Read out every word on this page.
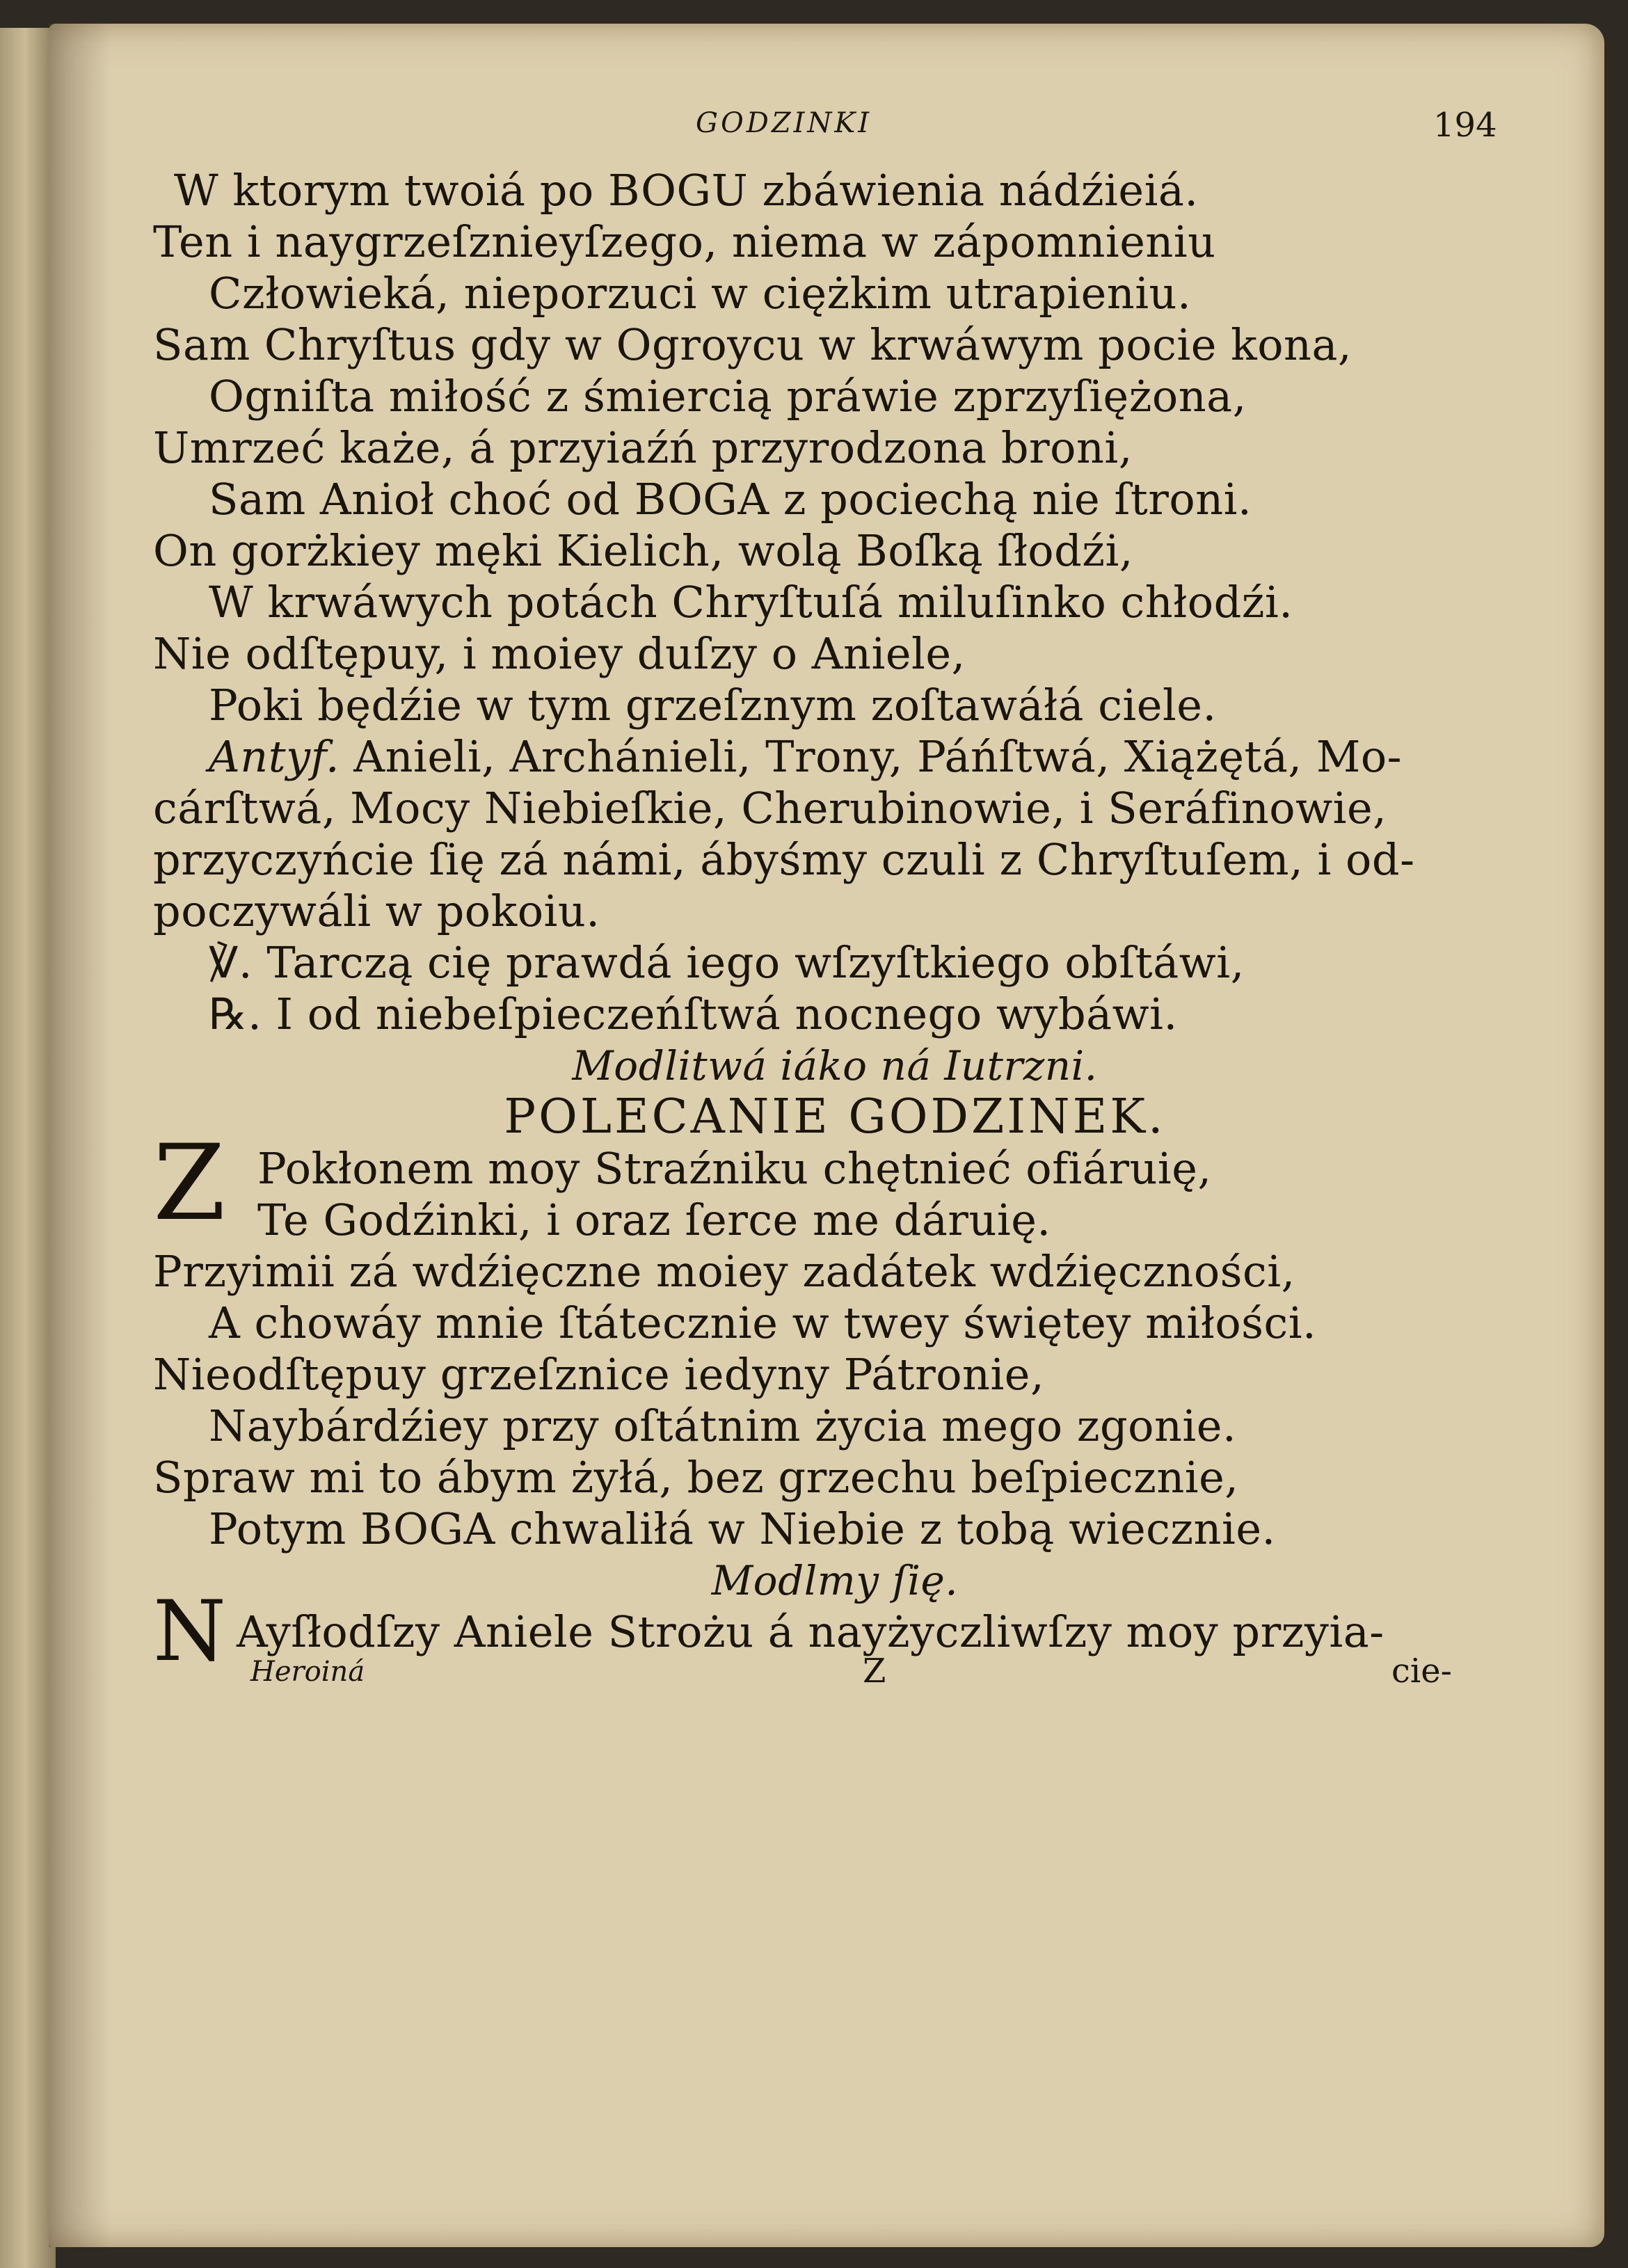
GODZINKI	194
W ktorym twoiá po BOGU zbáwienia nádźieiá.
Ten i naygrzeſznieyſzego, niema w zápomnieniu
Człowieká, nieporzuci w ciężkim utrapieniu.
Sam Chryſtus gdy w Ogroycu w krwáwym pocie kona,
Ogniſta miłość z śmiercią práwie zprzyſiężona,
Umrzeć każe, á przyiaźń przyrodzona broni,
Sam Anioł choć od BOGA z pociechą nie ſtroni.
On gorżkiey męki Kielich, wolą Boſką ſłodźi,
W krwáwych potách Chryſtuſá miluſinko chłodźi.
Nie odſtępuy, i moiey duſzy o Aniele,
Poki będźie w tym grzeſznym zoſtawáłá ciele.
Antyf. Anieli, Archánieli, Trony, Páńſtwá, Xiążętá, Mo-
cárſtwá, Mocy Niebieſkie, Cherubinowie, i Seráfinowie,
przyczyńcie ſię zá námi, ábyśmy czuli z Chryſtuſem, i od-
poczywáli w pokoiu.
℣. Tarczą cię prawdá iego wſzyſtkiego obſtáwi,
℞. I od niebeſpieczeńſtwá nocnego wybáwi.
Modlitwá iáko ná Iutrzni.
POLECANIE GODZINEK.
Z Pokłonem moy Straźniku chętnieć ofiáruię,
Te Godźinki, i oraz ſerce me dáruię.
Przyimii zá wdźięczne moiey zadátek wdźięczności,
A chowáy mnie ſtátecznie w twey świętey miłości.
Nieodſtępuy grzeſznice iedyny Pátronie,
Naybárdźiey przy oſtátnim życia mego zgonie.
Spraw mi to ábym żyłá, bez grzechu beſpiecznie,
Potym BOGA chwaliłá w Niebie z tobą wiecznie.
Modlmy ſię.
N Ayſłodſzy Aniele Strożu á nayżyczliwſzy moy przyia-
Heroiná	Z	cie-
